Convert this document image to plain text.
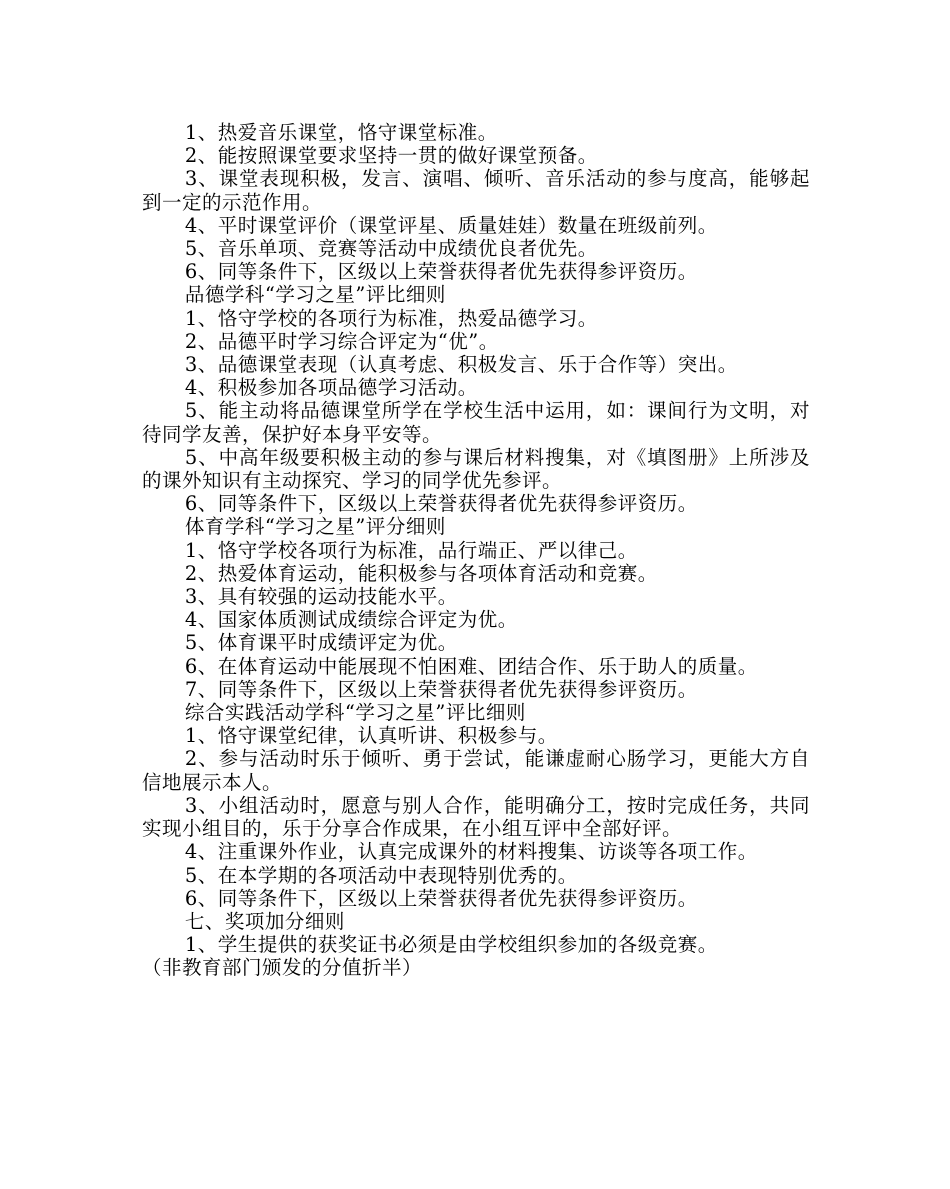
1、热爱音乐课堂，恪守课堂标准。

2、能按照课堂要求坚持一贯的做好课堂预备。

3、课堂表现积极，发言、演唱、倾听、音乐活动的参与度高，能够起到一定的示范作用。

4、平时课堂评价（课堂评星、质量娃娃）数量在班级前列。

5、音乐单项、竞赛等活动中成绩优良者优先。

6、同等条件下，区级以上荣誉获得者优先获得参评资历。

品德学科“学习之星”评比细则

1、恪守学校的各项行为标准，热爱品德学习。

2、品德平时学习综合评定为“优”。

3、品德课堂表现（认真考虑、积极发言、乐于合作等）突出。

4、积极参加各项品德学习活动。

5、能主动将品德课堂所学在学校生活中运用，如：课间行为文明，对待同学友善，保护好本身平安等。

5、中高年级要积极主动的参与课后材料搜集，对《填图册》上所涉及的课外知识有主动探究、学习的同学优先参评。

6、同等条件下，区级以上荣誉获得者优先获得参评资历。

体育学科“学习之星”评分细则

1、恪守学校各项行为标准，品行端正、严以律己。

2、热爱体育运动，能积极参与各项体育活动和竞赛。

3、具有较强的运动技能水平。

4、国家体质测试成绩综合评定为优。

5、体育课平时成绩评定为优。

6、在体育运动中能展现不怕困难、团结合作、乐于助人的质量。

7、同等条件下，区级以上荣誉获得者优先获得参评资历。

综合实践活动学科“学习之星”评比细则

1、恪守课堂纪律，认真听讲、积极参与。

2、参与活动时乐于倾听、勇于尝试，能谦虚耐心肠学习，更能大方自信地展示本人。

3、小组活动时，愿意与别人合作，能明确分工，按时完成任务，共同实现小组目的，乐于分享合作成果，在小组互评中全部好评。

4、注重课外作业，认真完成课外的材料搜集、访谈等各项工作。

5、在本学期的各项活动中表现特别优秀的。

6、同等条件下，区级以上荣誉获得者优先获得参评资历。

七、奖项加分细则

1、学生提供的获奖证书必须是由学校组织参加的各级竞赛。

（非教育部门颁发的分值折半）
